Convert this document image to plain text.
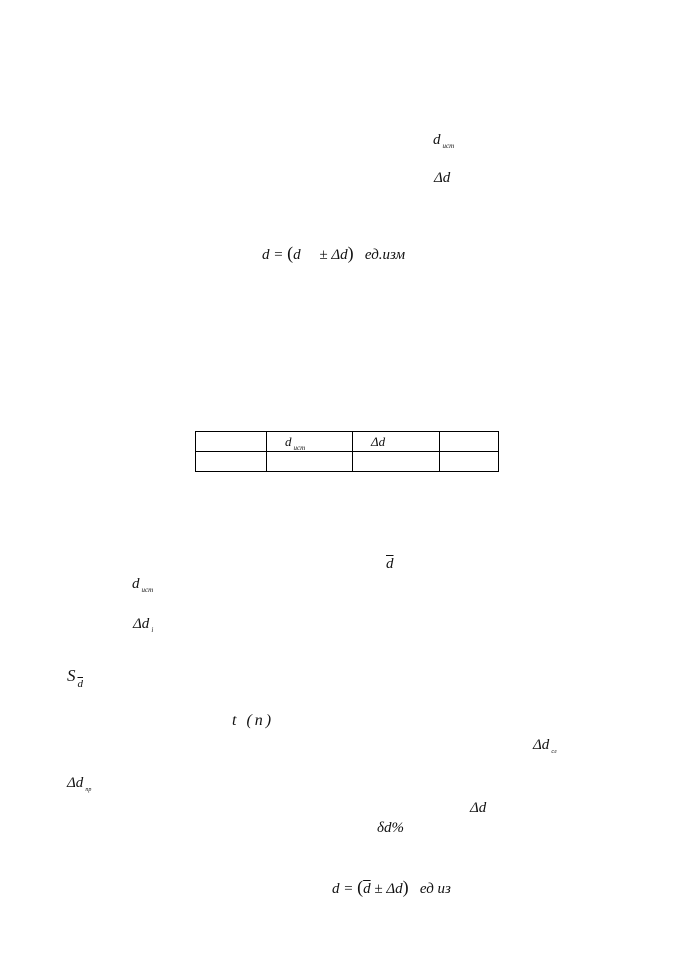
d $_{ист}$
Δd
d = (d ± Δd) ед.изм
	d $_{ист}$	Δd	

$\overline{d}$
d $_{ист}$
Δd $_i$
S $_{\overline{d}}$
t (n)
Δd $_{сл}$
Δd $_{пр}$
Δd
δd%
$d = (\overline{d} \pm \Delta d)$ ед из
